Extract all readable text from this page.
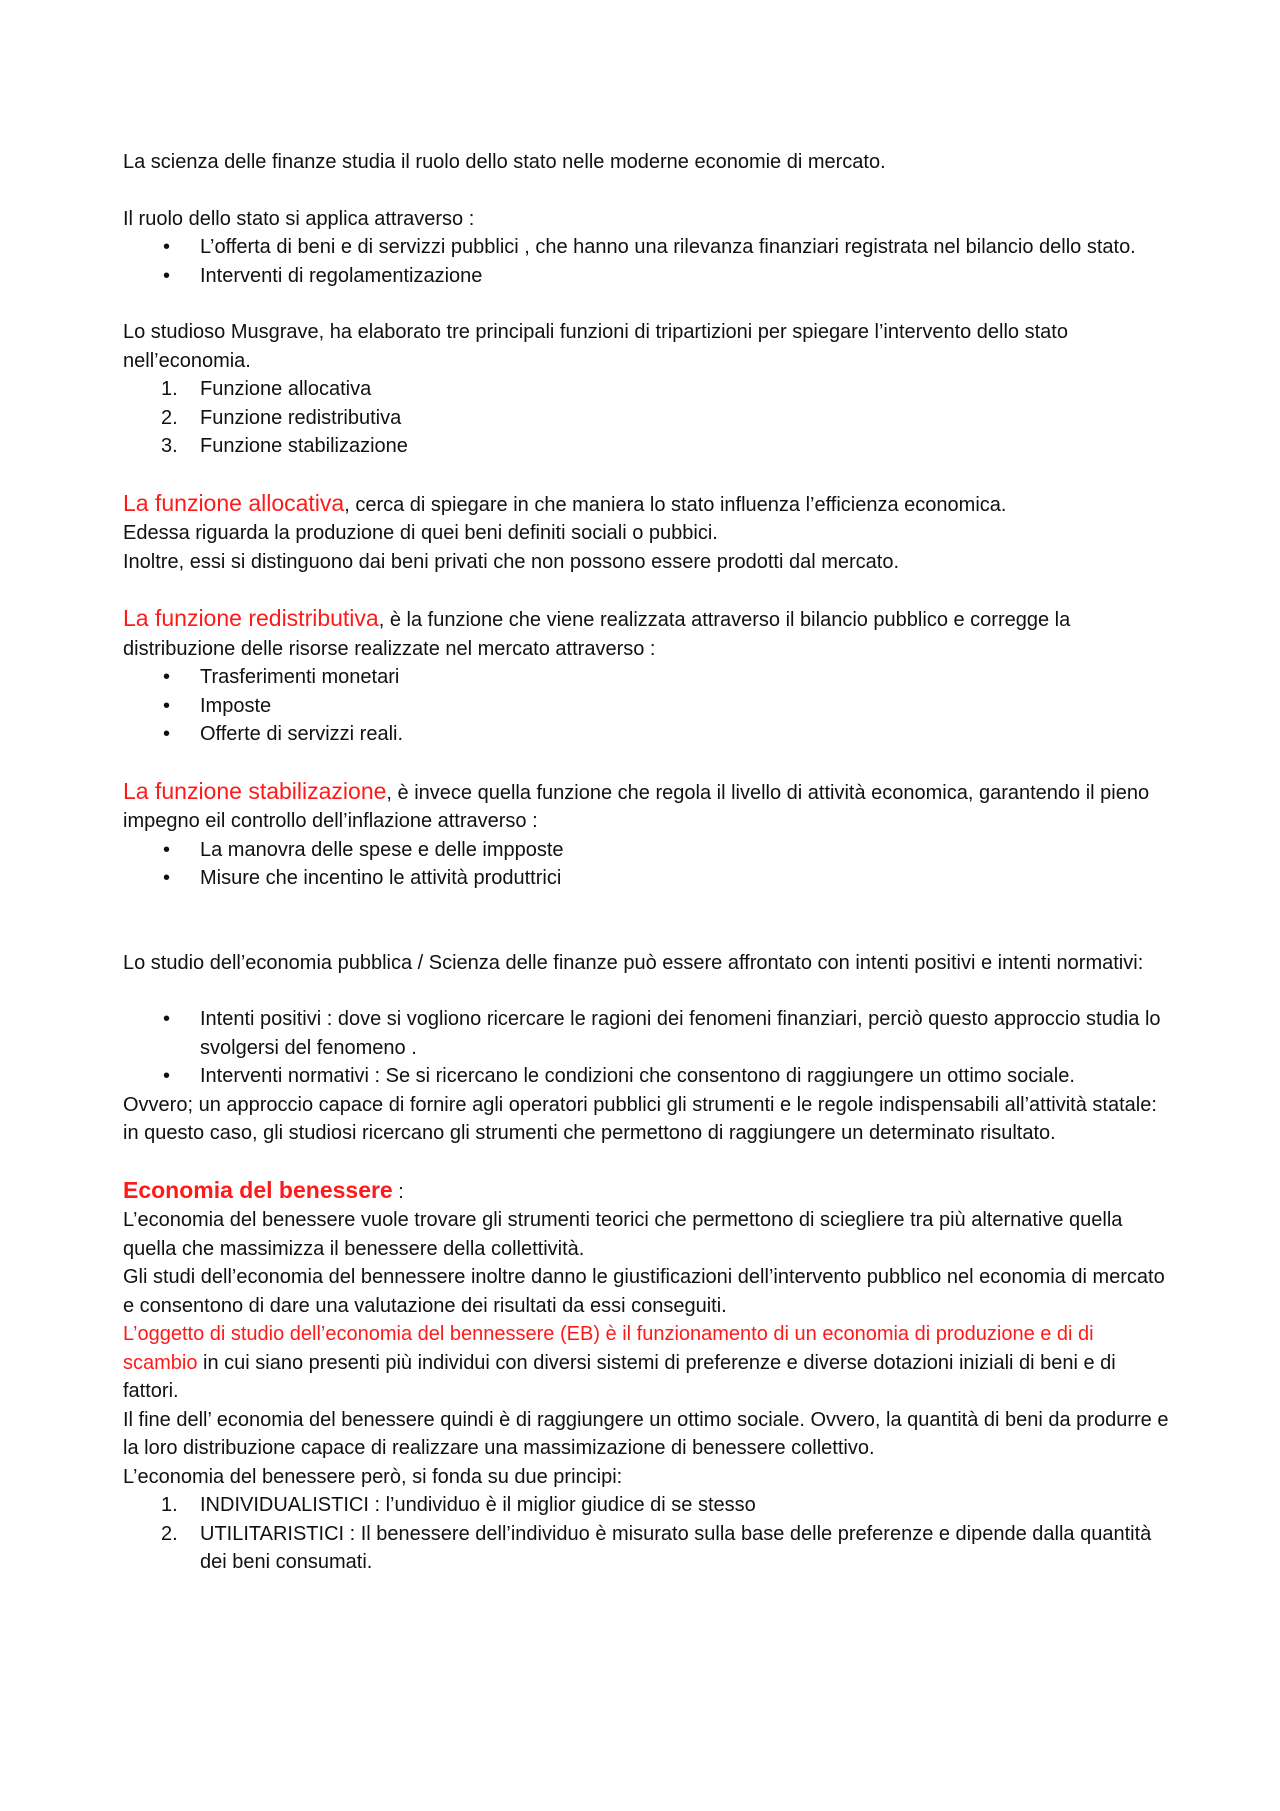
La scienza delle finanze studia il ruolo dello stato nelle moderne economie di mercato.

Il ruolo dello stato si applica attraverso :

• L’offerta di beni e di servizzi pubblici , che hanno una rilevanza finanziari registrata nel bilancio dello stato.
• Interventi di regolamentizazione

Lo studioso Musgrave, ha elaborato tre principali funzioni di tripartizioni per spiegare l’intervento dello stato nell’economia.

1. Funzione allocativa
2. Funzione redistributiva
3. Funzione stabilizazione

La funzione allocativa, cerca di spiegare in che maniera lo stato influenza l’efficienza economica.

Edessa riguarda la produzione di quei beni definiti sociali o pubbici.

Inoltre, essi si distinguono dai beni privati che non possono essere prodotti dal mercato.

La funzione redistributiva, è la funzione che viene realizzata attraverso il bilancio pubblico e corregge la distribuzione delle risorse realizzate nel mercato attraverso :

• Trasferimenti monetari
• Imposte
• Offerte di servizzi reali.

La funzione stabilizazione, è invece quella funzione che regola il livello di attività economica, garantendo il pieno impegno eil controllo dell’inflazione attraverso :

• La manovra delle spese e delle impposte
• Misure che incentino le attività produttrici

Lo studio dell’economia pubblica / Scienza delle finanze può essere affrontato con intenti positivi e intenti normativi:

• Intenti positivi : dove si vogliono ricercare le ragioni dei fenomeni finanziari, perciò questo approccio studia lo svolgersi del fenomeno .
• Interventi normativi : Se si ricercano le condizioni che consentono di raggiungere un ottimo sociale.

Ovvero; un approccio capace di fornire agli operatori pubblici gli strumenti e le regole indispensabili all’attività statale: in questo caso, gli studiosi ricercano gli strumenti che permettono di raggiungere un determinato risultato.

Economia del benessere :

L’economia del benessere vuole trovare gli strumenti teorici che permettono di sciegliere tra più alternative quella quella che massimizza il benessere della collettività.

Gli studi dell’economia del bennessere inoltre danno le giustificazioni dell’intervento pubblico nel economia di mercato e consentono di dare una valutazione dei risultati da essi conseguiti.

L’oggetto di studio dell’economia del bennessere (EB) è il funzionamento di un economia di produzione e di di scambio in cui siano presenti più individui con diversi sistemi di preferenze e diverse dotazioni iniziali di beni e di fattori.

Il fine dell’ economia del benessere quindi è di raggiungere un ottimo sociale. Ovvero, la quantità di beni da produrre e la loro distribuzione capace di realizzare una massimizazione di benessere collettivo.

L’economia del benessere però, si fonda su due principi:

1. INDIVIDUALISTICI : l’undividuo è il miglior giudice di se stesso
2. UTILITARISTICI : Il benessere dell’individuo è misurato sulla base delle preferenze e dipende dalla quantità dei beni consumati.
